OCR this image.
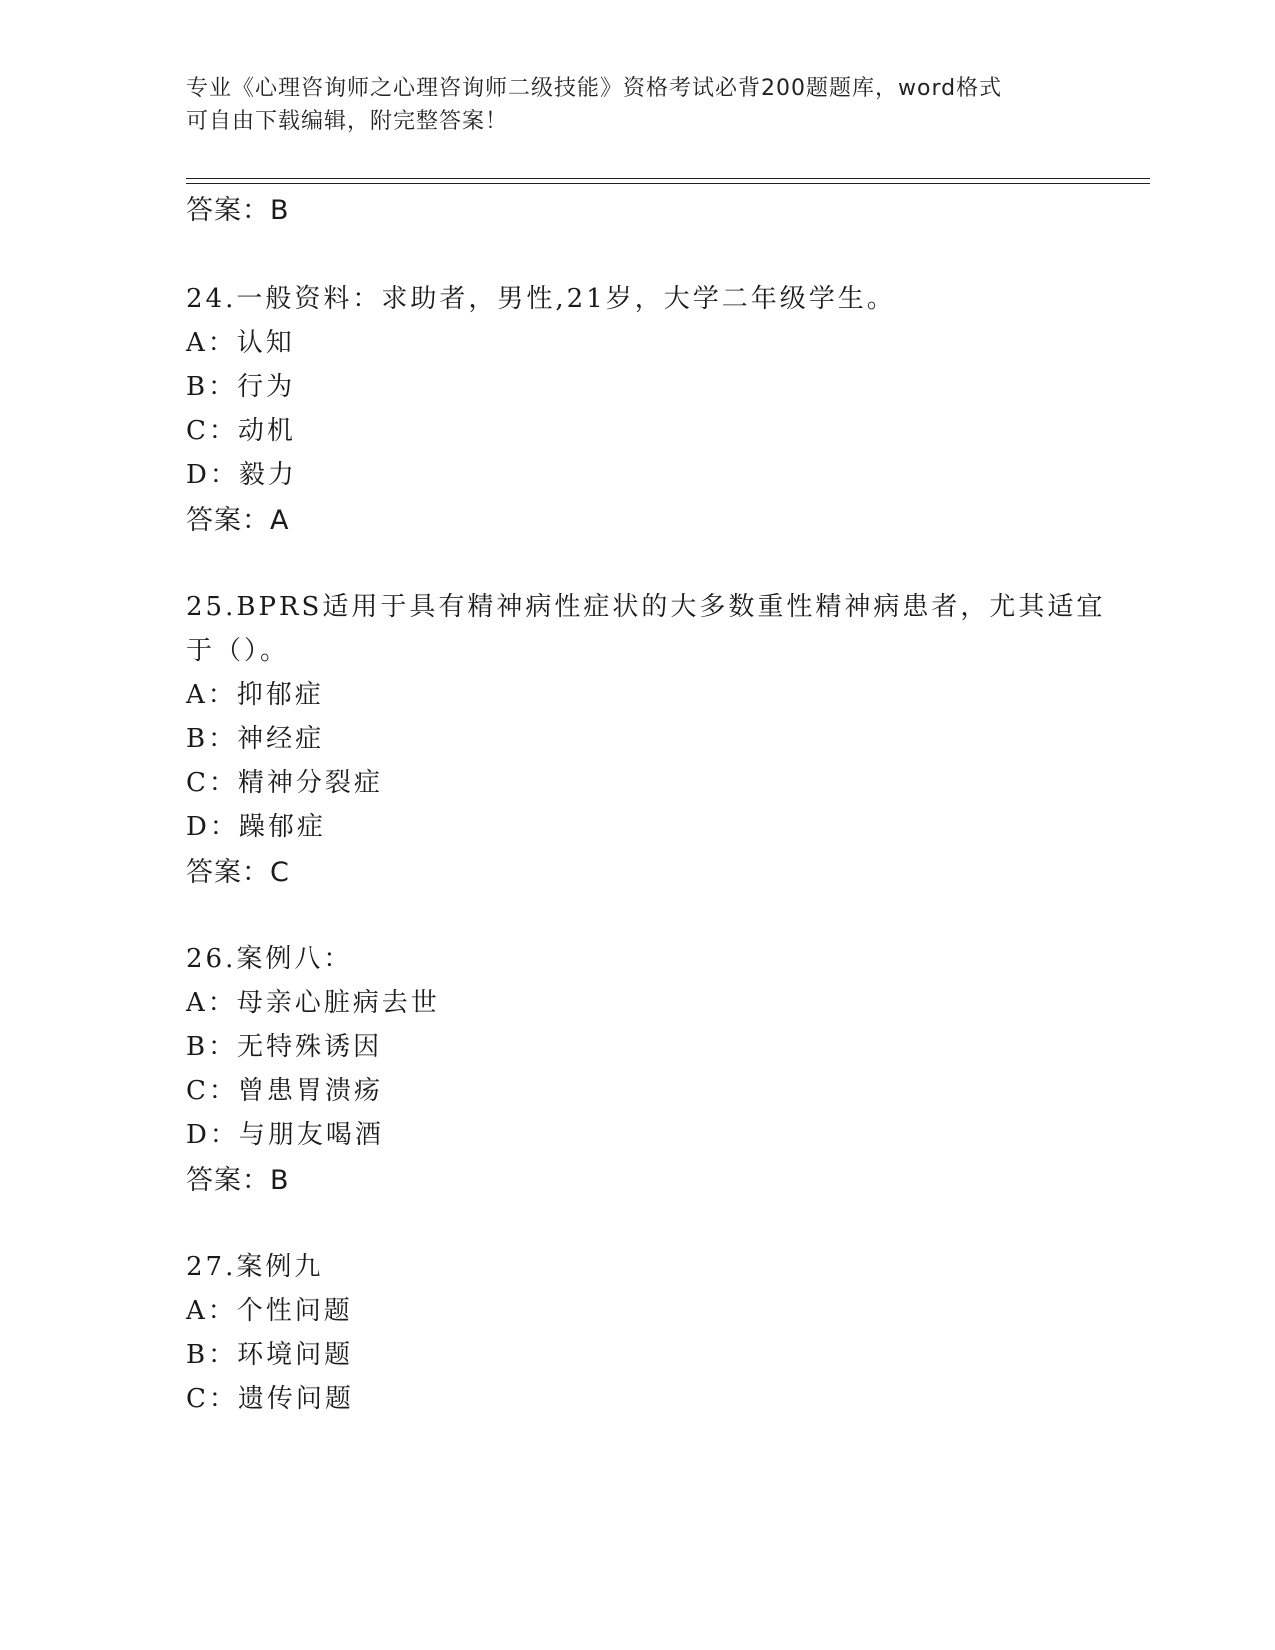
专业《心理咨询师之心理咨询师二级技能》资格考试必背200题题库，word格式
可自由下载编辑，附完整答案！
答案：B
24.一般资料：求助者，男性,21岁，大学二年级学生。
A：认知
B：行为
C：动机
D：毅力
答案：A
25.BPRS适用于具有精神病性症状的大多数重性精神病患者，尤其适宜
于（）。
A：抑郁症
B：神经症
C：精神分裂症
D：躁郁症
答案：C
26.案例八：
A：母亲心脏病去世
B：无特殊诱因
C：曾患胃溃疡
D：与朋友喝酒
答案：B
27.案例九
A：个性问题
B：环境问题
C：遗传问题
